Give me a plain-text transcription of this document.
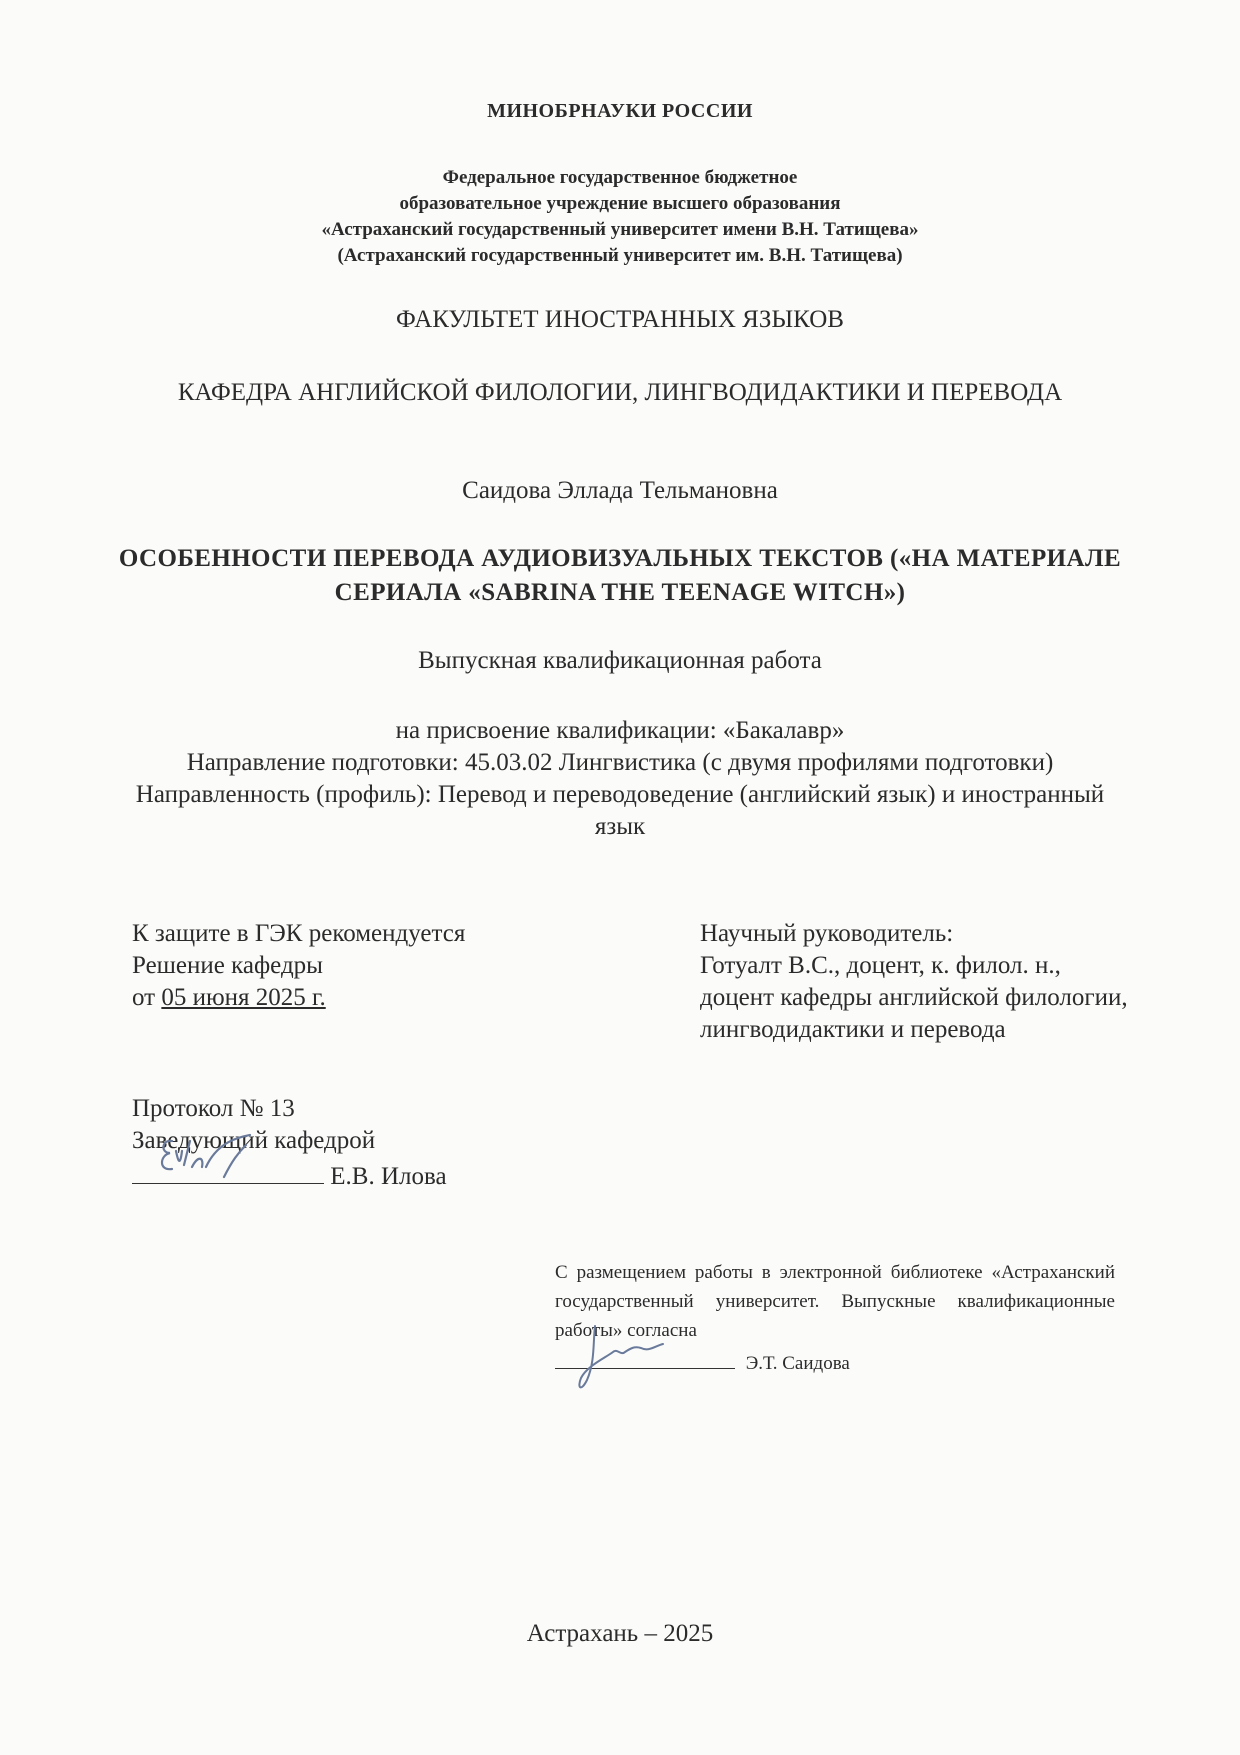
МИНОБРНАУКИ РОССИИ
Федеральное государственное бюджетное
образовательное учреждение высшего образования
«Астраханский государственный университет имени В.Н. Татищева»
(Астраханский государственный университет им. В.Н. Татищева)
ФАКУЛЬТЕТ ИНОСТРАННЫХ ЯЗЫКОВ
КАФЕДРА АНГЛИЙСКОЙ ФИЛОЛОГИИ, ЛИНГВОДИДАКТИКИ И ПЕРЕВОДА
Саидова Эллада Тельмановна
ОСОБЕННОСТИ ПЕРЕВОДА АУДИОВИЗУАЛЬНЫХ ТЕКСТОВ («НА МАТЕРИАЛЕ СЕРИАЛА «SABRINA THE TEENAGE WITCH»)
Выпускная квалификационная работа
на присвоение квалификации: «Бакалавр»
Направление подготовки: 45.03.02 Лингвистика (с двумя профилями подготовки)
Направленность (профиль): Перевод и переводоведение (английский язык) и иностранный язык
К защите в ГЭК рекомендуется
Решение кафедры
от 05 июня 2025 г.
Научный руководитель:
Готуалт В.С., доцент, к. филол. н., доцент кафедры английской филологии, лингводидактики и перевода
Протокол № 13
Заведующий кафедрой
Е.В. Илова
С размещением работы в электронной библиотеке «Астраханский государственный университет. Выпускные квалификационные работы» согласна
Э.Т. Саидова
Астрахань – 2025
